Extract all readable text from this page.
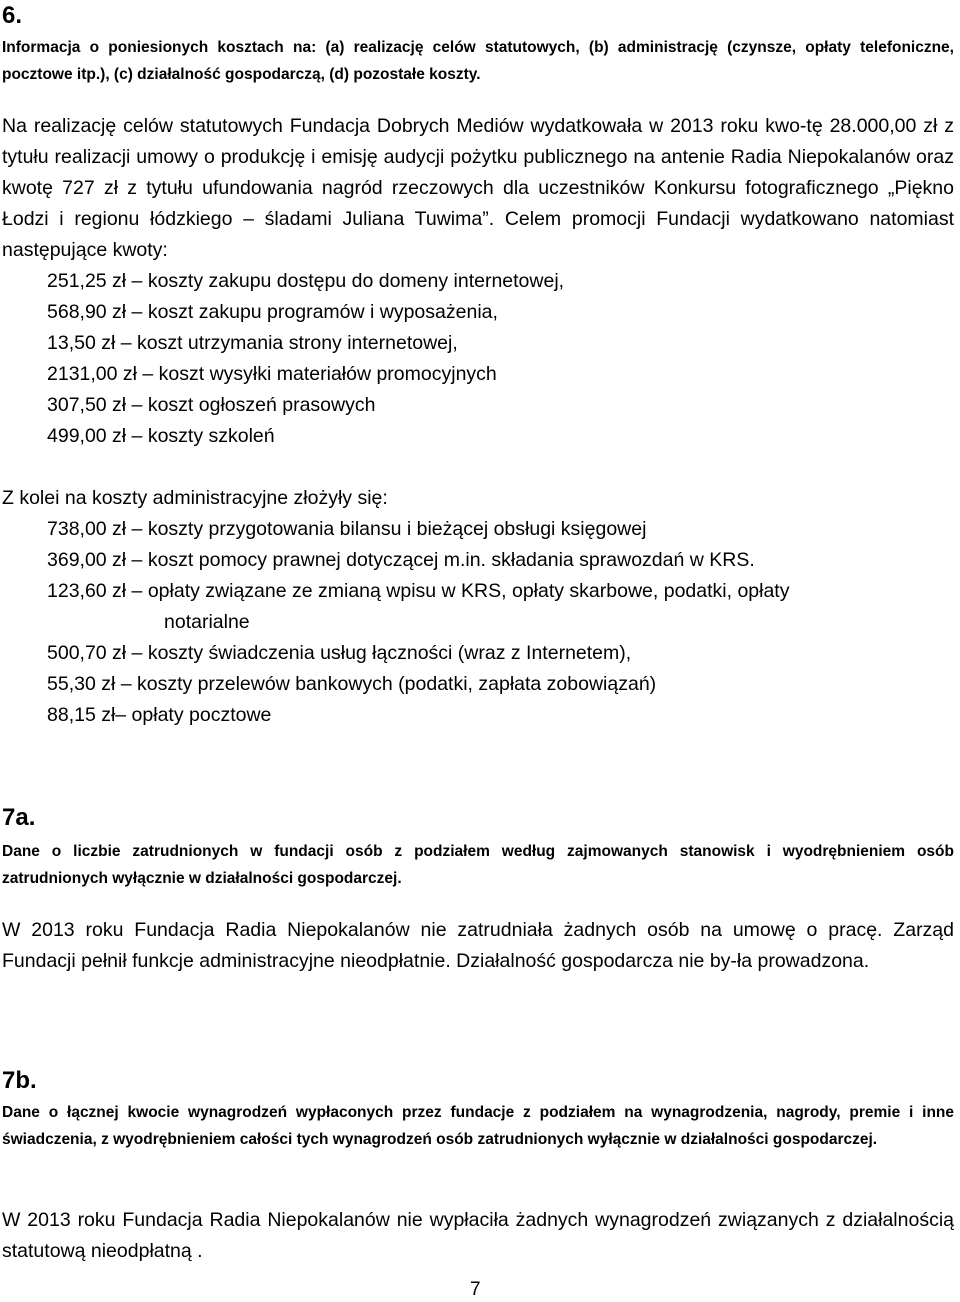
6.

Informacja o poniesionych kosztach na: (a) realizację celów statutowych, (b) administrację (czynsze, opłaty telefoniczne, pocztowe itp.), (c) działalność gospodarczą, (d) pozostałe koszty.

Na realizację celów statutowych Fundacja Dobrych Mediów wydatkowała w 2013 roku kwo-tę 28.000,00 zł z tytułu realizacji umowy o produkcję i emisję audycji pożytku publicznego na antenie Radia Niepokalanów oraz kwotę 727 zł z tytułu ufundowania nagród rzeczowych dla uczestników Konkursu fotograficznego „Piękno Łodzi i regionu łódzkiego – śladami Juliana Tuwima”. Celem promocji Fundacji wydatkowano natomiast następujące kwoty:

251,25 zł – koszty zakupu dostępu do domeny internetowej,
568,90 zł – koszt zakupu programów i wyposażenia,
13,50 zł – koszt utrzymania strony internetowej,
2131,00 zł – koszt wysyłki materiałów promocyjnych
307,50 zł – koszt ogłoszeń prasowych
499,00 zł – koszty szkoleń
Z kolei na koszty administracyjne złożyły się:
738,00 zł – koszty przygotowania bilansu i bieżącej obsługi księgowej
369,00 zł – koszt pomocy prawnej dotyczącej m.in. składania sprawozdań w KRS.
123,60 zł – opłaty związane ze zmianą wpisu w KRS, opłaty skarbowe, podatki, opłaty
notarialne
500,70 zł – koszty świadczenia usług łączności (wraz z Internetem),
55,30 zł – koszty przelewów bankowych (podatki, zapłata zobowiązań)
88,15 zł– opłaty pocztowe
7a.

Dane o liczbie zatrudnionych w fundacji osób z podziałem według zajmowanych stanowisk i wyodrębnieniem osób zatrudnionych wyłącznie w działalności gospodarczej.

W 2013 roku Fundacja Radia Niepokalanów nie zatrudniała żadnych osób na umowę o pracę. Zarząd Fundacji pełnił funkcje administracyjne nieodpłatnie. Działalność gospodarcza nie by-ła prowadzona.

7b.

Dane o łącznej kwocie wynagrodzeń wypłaconych przez fundacje z podziałem na wynagrodzenia, nagrody, premie i inne świadczenia, z wyodrębnieniem całości tych wynagrodzeń osób zatrudnionych wyłącznie w działalności gospodarczej.

W 2013 roku Fundacja Radia Niepokalanów nie wypłaciła żadnych wynagrodzeń związanych z działalnością statutową nieodpłatną .

7
